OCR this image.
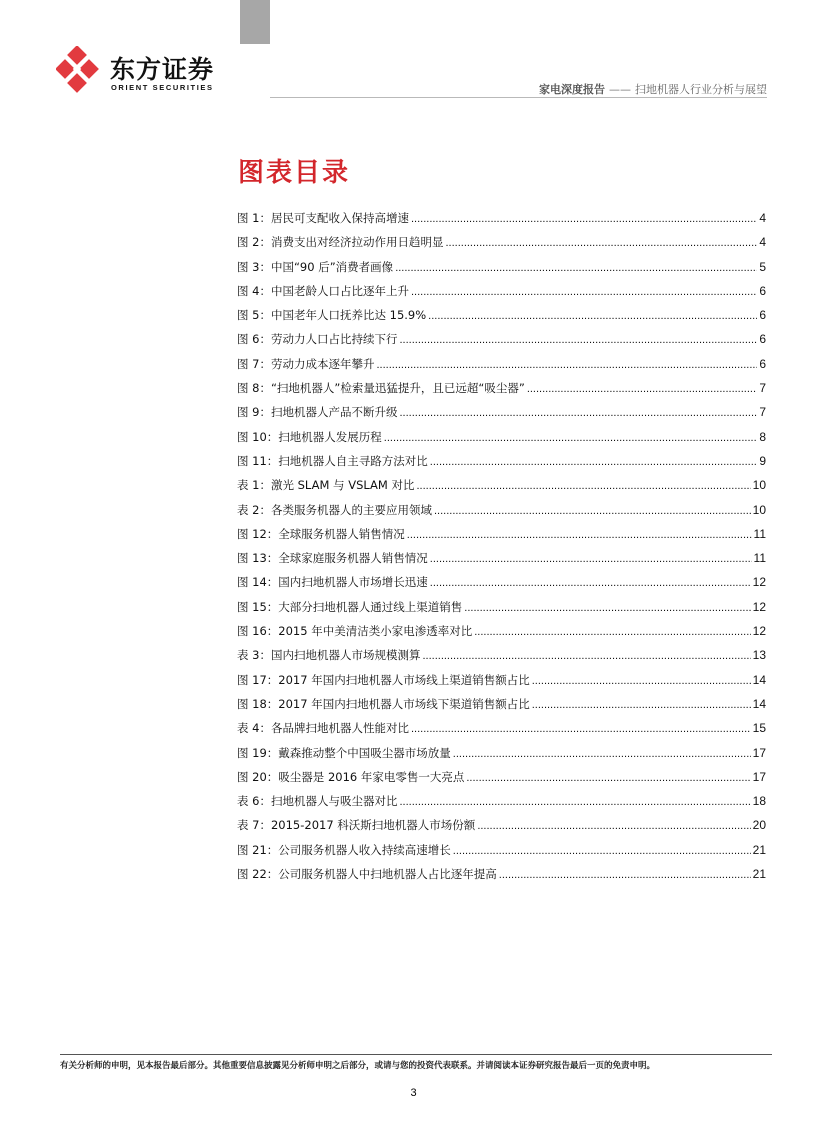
东方证券
ORIENT SECURITIES	家电深度报告 —— 扫地机器人行业分析与展望
图表目录
图 1：居民可支配收入保持高增速 .....	4
图 2：消费支出对经济拉动作用日趋明显 .....	4
图 3：中国“90 后”消费者画像 .....	5
图 4：中国老龄人口占比逐年上升 .....	6
图 5：中国老年人口抚养比达 15.9% .....	6
图 6：劳动力人口占比持续下行 .....	6
图 7：劳动力成本逐年攀升 .....	6
图 8：“扫地机器人”检索量迅猛提升，且已远超“吸尘器” .....	7
图 9：扫地机器人产品不断升级 .....	7
图 10：扫地机器人发展历程 .....	8
图 11：扫地机器人自主寻路方法对比 .....	9
表 1：激光 SLAM 与 VSLAM 对比 .....	10
表 2：各类服务机器人的主要应用领域 .....	10
图 12：全球服务机器人销售情况 .....	11
图 13：全球家庭服务机器人销售情况 .....	11
图 14：国内扫地机器人市场增长迅速 .....	12
图 15：大部分扫地机器人通过线上渠道销售 .....	12
图 16：2015 年中美清洁类小家电渗透率对比 .....	12
表 3：国内扫地机器人市场规模测算 .....	13
图 17：2017 年国内扫地机器人市场线上渠道销售额占比 .....	14
图 18：2017 年国内扫地机器人市场线下渠道销售额占比 .....	14
表 4：各品牌扫地机器人性能对比 .....	15
图 19：戴森推动整个中国吸尘器市场放量 .....	17
图 20：吸尘器是 2016 年家电零售一大亮点 .....	17
表 6：扫地机器人与吸尘器对比 .....	18
表 7：2015-2017 科沃斯扫地机器人市场份额 .....	20
图 21：公司服务机器人收入持续高速增长 .....	21
图 22：公司服务机器人中扫地机器人占比逐年提高 .....	21
有关分析师的申明，见本报告最后部分。其他重要信息披露见分析师申明之后部分，或请与您的投资代表联系。并请阅读本证券研究报告最后一页的免责申明。
3
